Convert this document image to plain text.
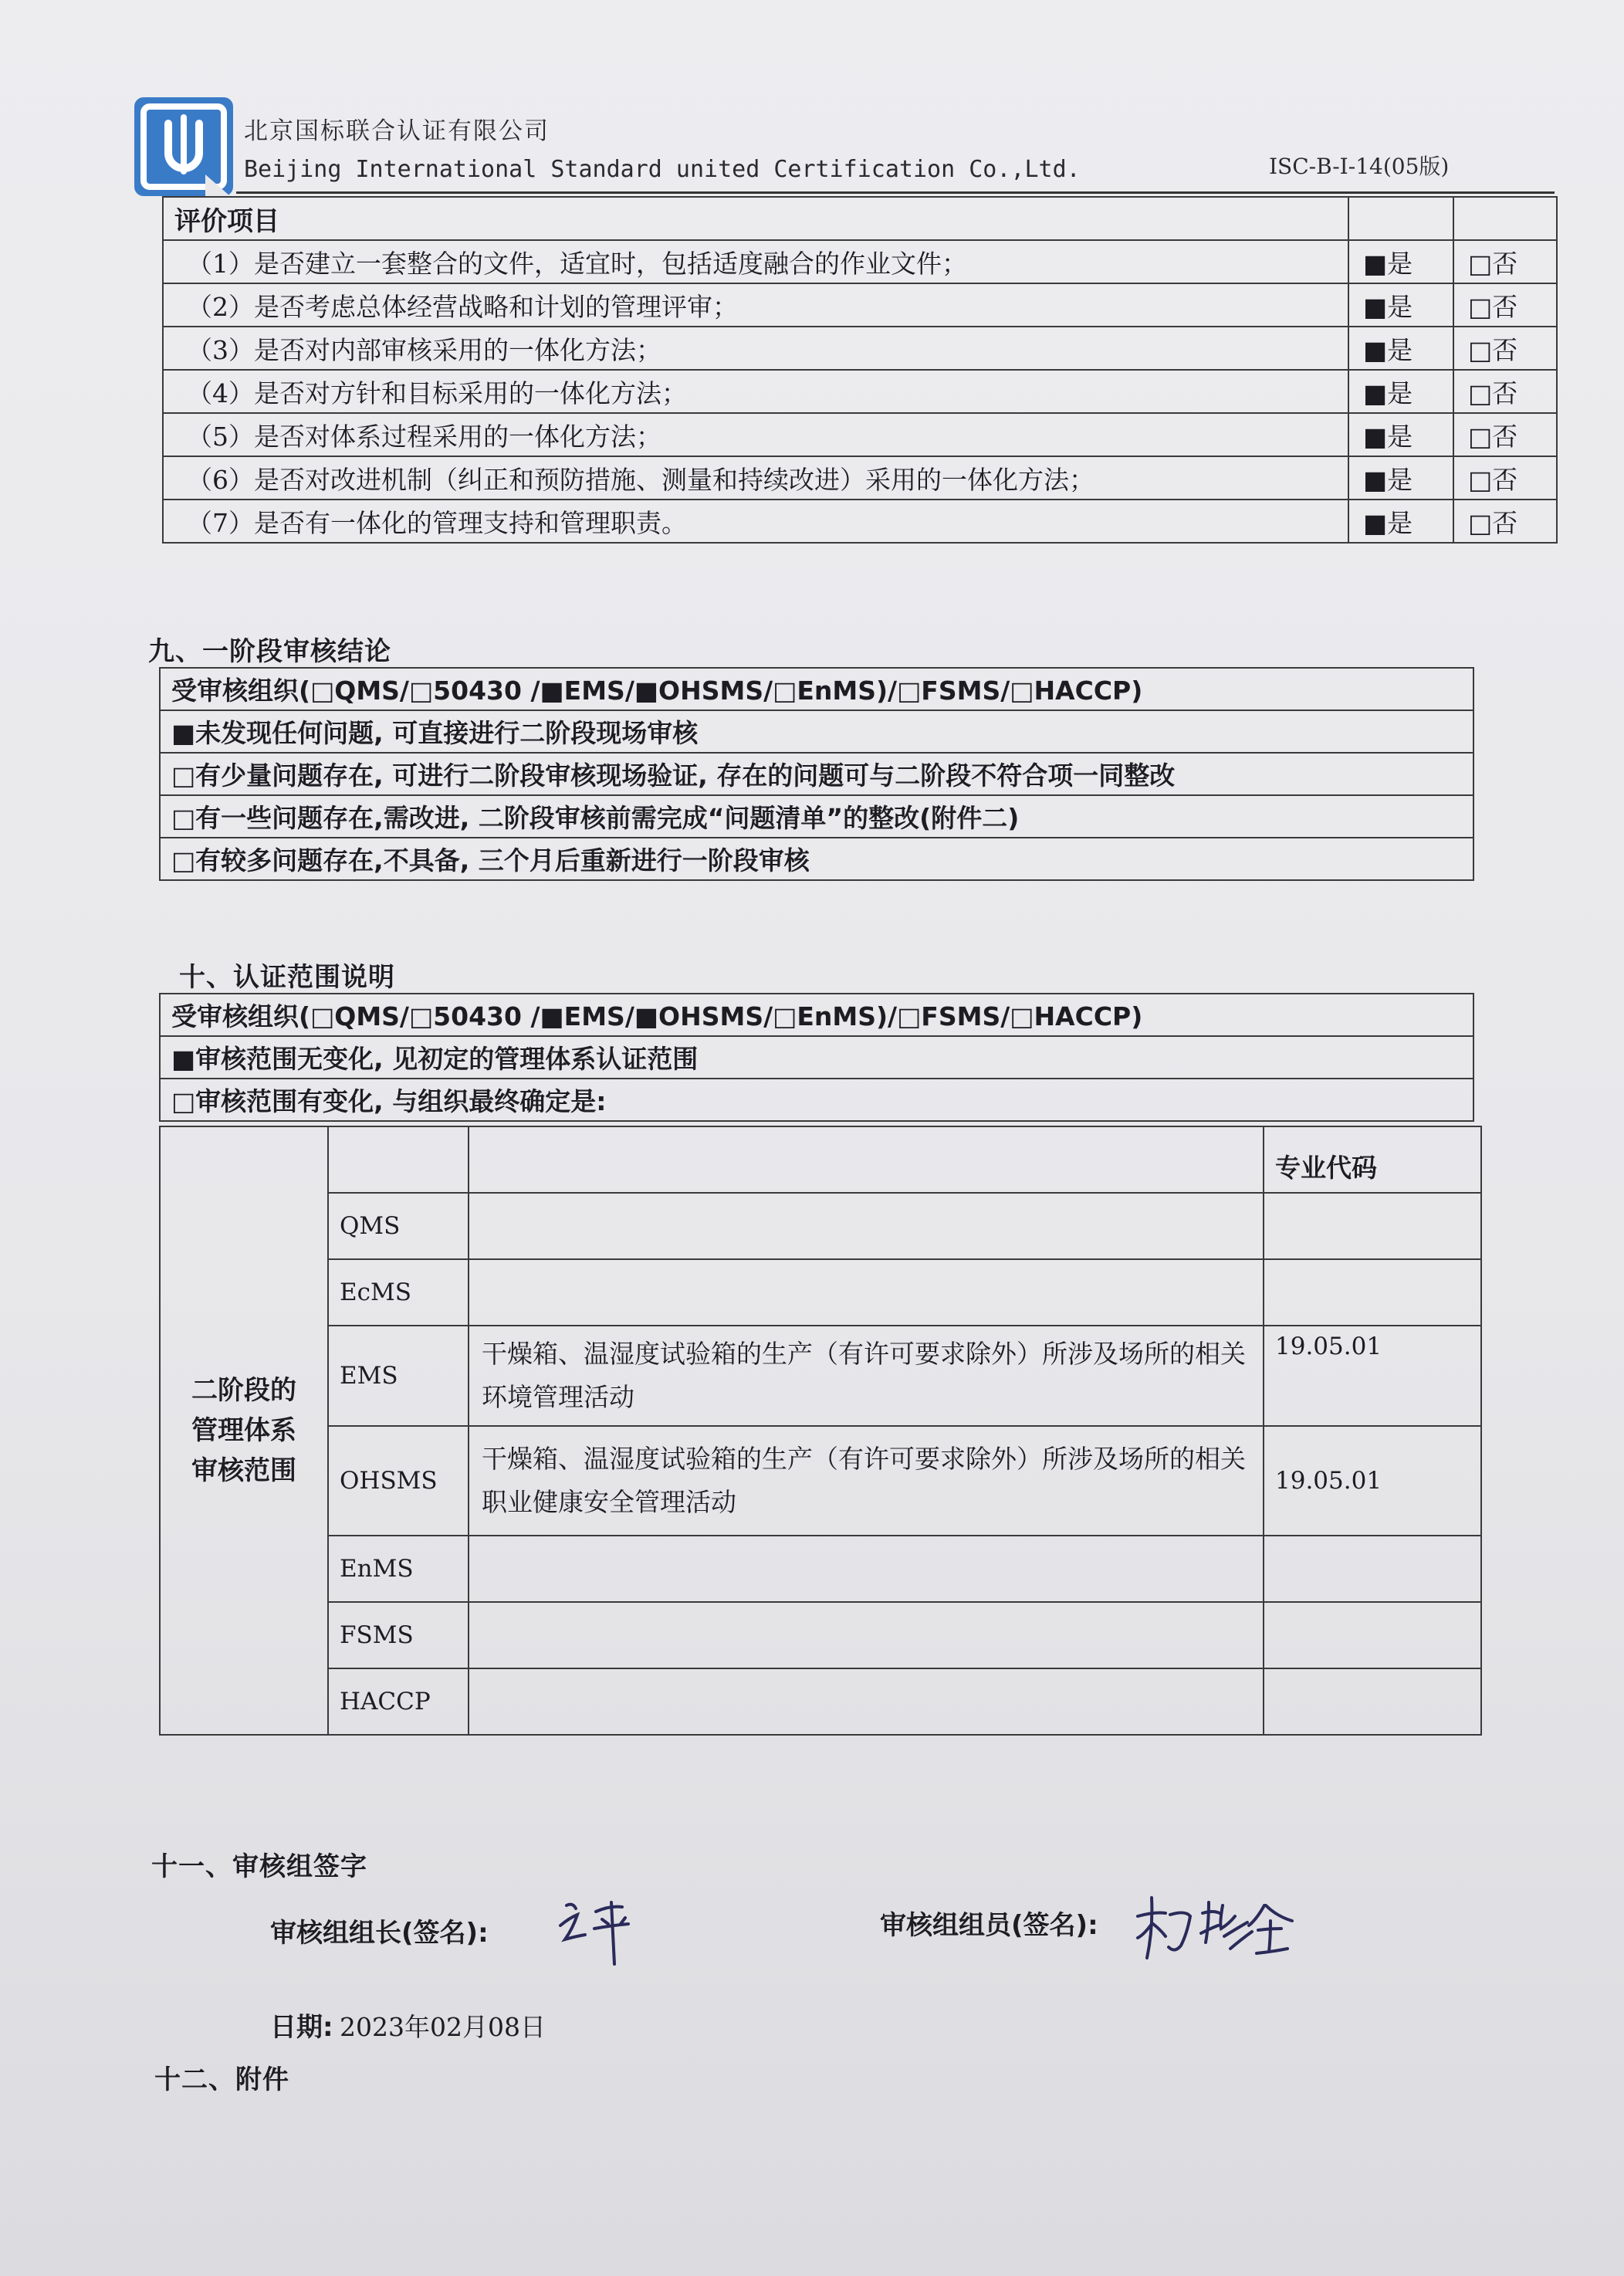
北京国标联合认证有限公司
Beijing International Standard united Certification Co.,Ltd.	ISC-B-I-14(05版)
评价项目		
（1）是否建立一套整合的文件，适宜时，包括适度融合的作业文件；	■是	□否
（2）是否考虑总体经营战略和计划的管理评审；	■是	□否
（3）是否对内部审核采用的一体化方法；	■是	□否
（4）是否对方针和目标采用的一体化方法；	■是	□否
（5）是否对体系过程采用的一体化方法；	■是	□否
（6）是否对改进机制（纠正和预防措施、测量和持续改进）采用的一体化方法；	■是	□否
（7）是否有一体化的管理支持和管理职责。	■是	□否
九、一阶段审核结论
受审核组织(□QMS/□50430 /■EMS/■OHSMS/□EnMS)/□FSMS/□HACCP)
■未发现任何问题, 可直接进行二阶段现场审核
□有少量问题存在, 可进行二阶段审核现场验证, 存在的问题可与二阶段不符合项一同整改
□有一些问题存在,需改进, 二阶段审核前需完成“问题清单”的整改(附件二)
□有较多问题存在,不具备, 三个月后重新进行一阶段审核
十、认证范围说明
受审核组织(□QMS/□50430 /■EMS/■OHSMS/□EnMS)/□FSMS/□HACCP)
■审核范围无变化, 见初定的管理体系认证范围
□审核范围有变化, 与组织最终确定是:
二阶段的管理体系审核范围			专业代码
	QMS		
	EcMS		
	EMS	干燥箱、温湿度试验箱的生产（有许可要求除外）所涉及场所的相关环境管理活动	19.05.01
	OHSMS	干燥箱、温湿度试验箱的生产（有许可要求除外）所涉及场所的相关职业健康安全管理活动	19.05.01
	EnMS		
	FSMS		
	HACCP		
十一、审核组签字
审核组组长(签名):	审核组组员(签名):
日期: 2023年02月08日
十二、附件
